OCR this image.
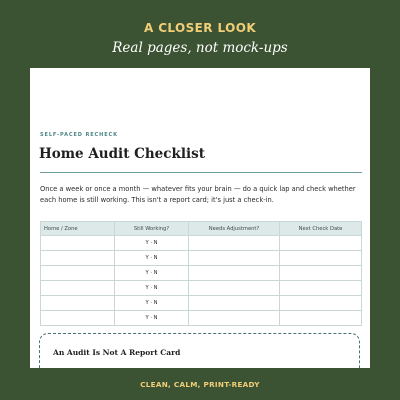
A CLOSER LOOK
Real pages, not mock-ups
SELF-PACED RECHECK
Home Audit Checklist
Once a week or once a month — whatever fits your brain — do a quick lap and check whether each home is still working. This isn't a report card; it's just a check-in.
Home / Zone	Still Working?	Needs Adjustment?	Next Check Date
	Y · N		
	Y · N		
	Y · N		
	Y · N		
	Y · N		
	Y · N		
An Audit Is Not A Report Card
CLEAN, CALM, PRINT-READY
